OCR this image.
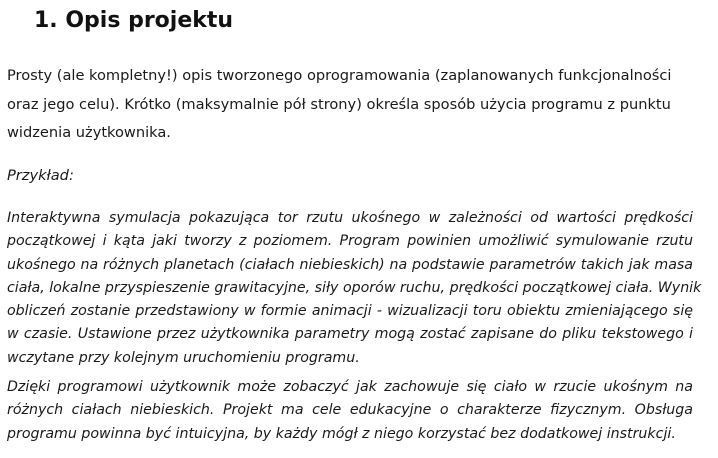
1. Opis projektu

Prosty (ale kompletny!) opis tworzonego oprogramowania (zaplanowanych funkcjonalności
oraz jego celu). Krótko (maksymalnie pół strony) określa sposób użycia programu z punktu
widzenia użytkownika.

Przykład:

Interaktywna symulacja pokazująca tor rzutu ukośnego w zależności od wartości prędkości
początkowej i kąta jaki tworzy z poziomem. Program powinien umożliwić symulowanie rzutu
ukośnego na różnych planetach (ciałach niebieskich) na podstawie parametrów takich jak masa
ciała, lokalne przyspieszenie grawitacyjne, siły oporów ruchu, prędkości początkowej ciała. Wynik
obliczeń zostanie przedstawiony w formie animacji - wizualizacji toru obiektu zmieniającego się
w czasie. Ustawione przez użytkownika parametry mogą zostać zapisane do pliku tekstowego i
wczytane przy kolejnym uruchomieniu programu.

Dzięki programowi użytkownik może zobaczyć jak zachowuje się ciało w rzucie ukośnym na
różnych ciałach niebieskich. Projekt ma cele edukacyjne o charakterze fizycznym. Obsługa
programu powinna być intuicyjna, by każdy mógł z niego korzystać bez dodatkowej instrukcji.
